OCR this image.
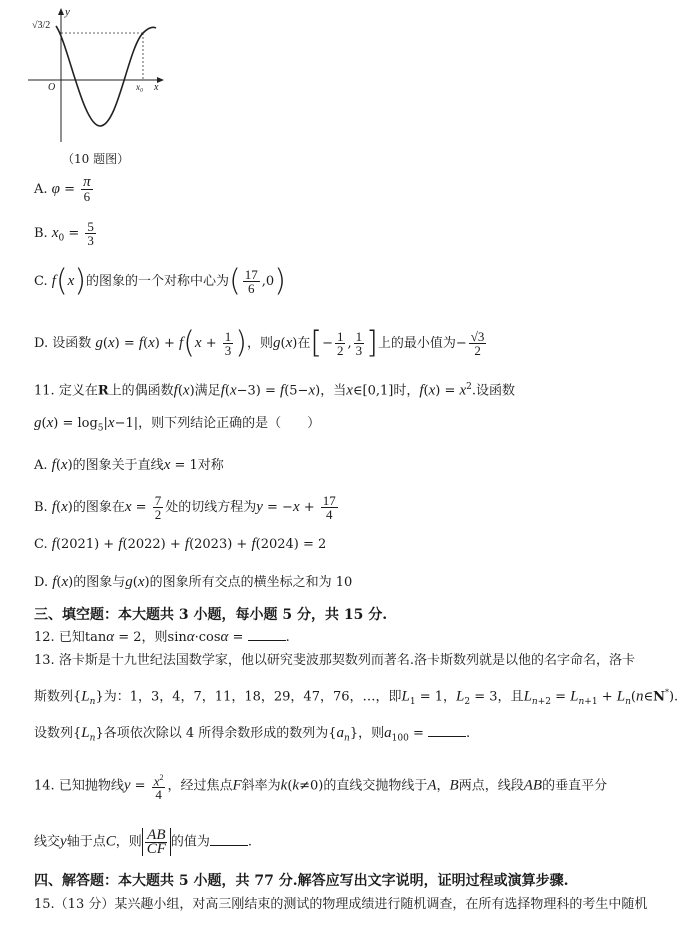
√3/2
y
x
O	x₀
（10 题图）
A. $\varphi = \frac{\pi}{6}$
B. $x_0 = \frac{5}{3}$
C. f(x)的图象的一个对称中心为( $\frac{17}{6} ,0$)
D. 设函数 $g(x) = f(x) + f(x + \frac{1}{3}$ )，则g(x)在[− $\frac{1}{2}$ , $\frac{1}{3}$ ]上的最小值为− $\frac{√3}{2}$
11. 定义在R上的偶函数f(x)满足f(x−3) = f(5−x)，当x∈[0,1]时，$f(x) = x^2$.设函数
$g(x) = \log_5|x-1|$，则下列结论正确的是（　　）
A. f(x)的图象关于直线x = 1对称
B. f(x)的图象在$x = \frac{7}{2}$ 处的切线方程为$y = -x + \frac{17}{4}$
C. f(2021) + f(2022) + f(2023) + f(2024) = 2
D. f(x)的图象与g(x)的图象所有交点的横坐标之和为 10
三、填空题：本大题共 3 小题，每小题 5 分，共 15 分.
12. 已知tanα = 2，则sinα·cosα =	.
13. 洛卡斯是十九世纪法国数学家，他以研究斐波那契数列而著名.洛卡斯数列就是以他的名字命名，洛卡
斯数列$\{L_n\}$为：1，3，4，7，11，18，29，47，76，…，即$L_1 = 1$，$L_2 = 3$，且$L_{n+2} = L_{n+1}$ + $L_n(n\in N^*)$.
设数列$\{L_n\}$各项依次除以 4 所得余数形成的数列为$\{a_n\}$，则$a_{100}$ =	.
14. 已知抛物线$y = \frac{x^2}{4}$ ，经过焦点F斜率为k(k≠0)的直线交抛物线于A，B两点，线段AB的垂直平分
线交y轴于点C，则 $\frac{AB}{CF}$ 的值为	.
四、解答题：本大题共 5 小题，共 77 分.解答应写出文字说明，证明过程或演算步骤.
15.（13 分）某兴趣小组，对高三刚结束的测试的物理成绩进行随机调查，在所有选择物理科的考生中随机
